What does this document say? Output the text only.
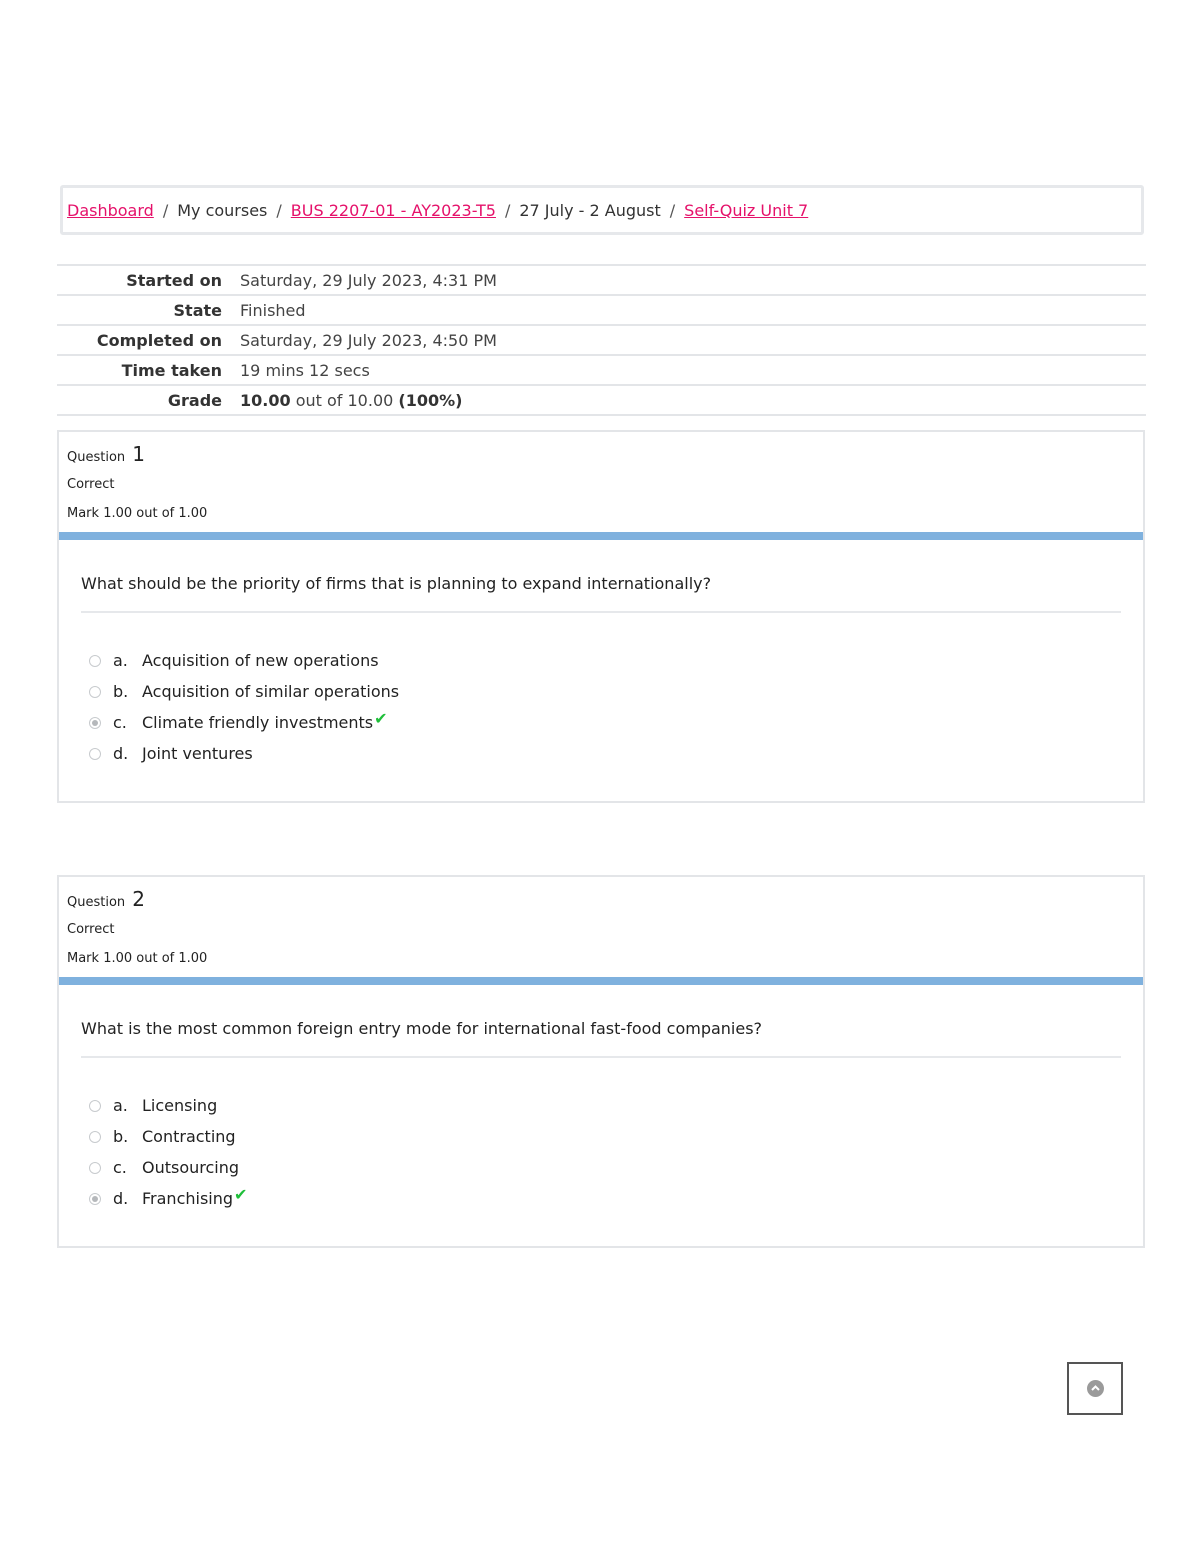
Dashboard / My courses / BUS 2207-01 - AY2023-T5 / 27 July - 2 August / Self-Quiz Unit 7
Started on Saturday, 29 July 2023, 4:31 PM
State Finished
Completed on Saturday, 29 July 2023, 4:50 PM
Time taken 19 mins 12 secs
Grade 10.00 out of 10.00 (100%)
Question 1
Correct
Mark 1.00 out of 1.00
What should be the priority of firms that is planning to expand internationally?
a. Acquisition of new operations
b. Acquisition of similar operations
c. Climate friendly investments ✔
d. Joint ventures
Question 2
Correct
Mark 1.00 out of 1.00
What is the most common foreign entry mode for international fast-food companies?
a. Licensing
b. Contracting
c. Outsourcing
d. Franchising ✔
